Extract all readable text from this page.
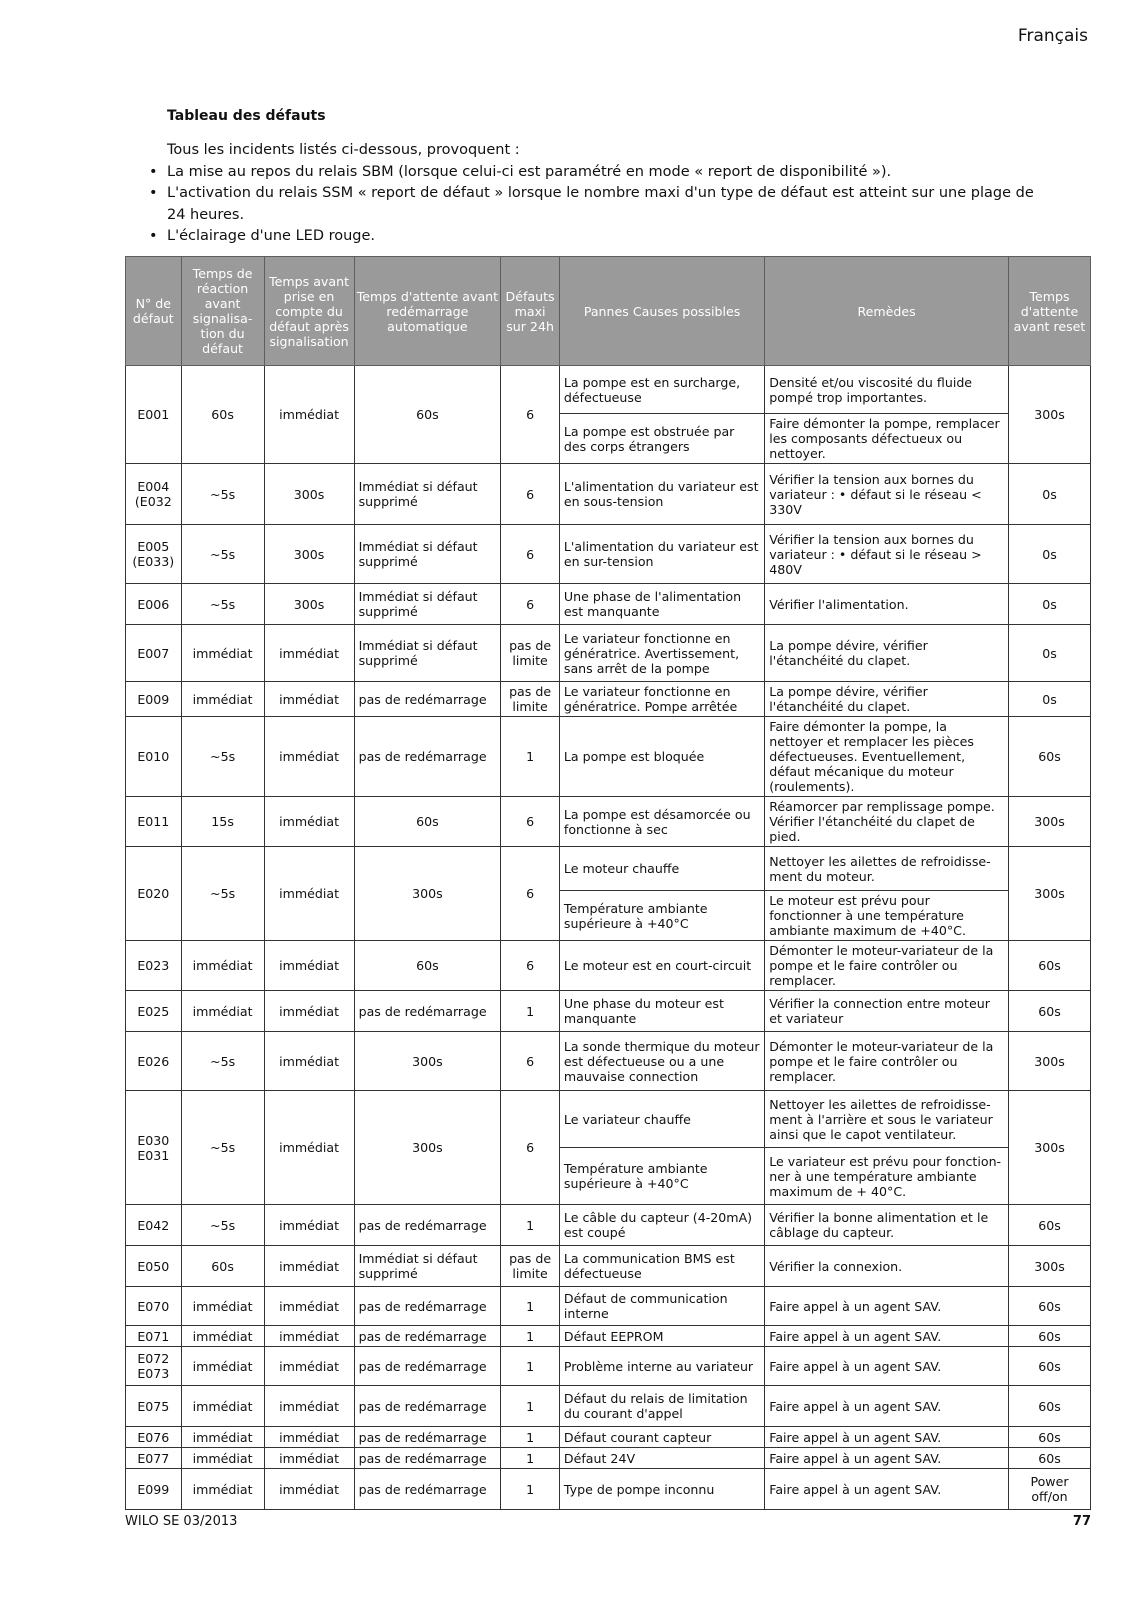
Français
Tableau des défauts
Tous les incidents listés ci-dessous, provoquent :
• La mise au repos du relais SBM (lorsque celui-ci est paramétré en mode « report de disponibilité »).
• L'activation du relais SSM « report de défaut » lorsque le nombre maxi d'un type de défaut est atteint sur une plage de 24 heures.
• L'éclairage d'une LED rouge.
N° de défaut	Temps de réaction avant signalisa-tion du défaut	Temps avant prise en compte du défaut après signalisation	Temps d'attente avant redémarrage automatique	Défauts maxi sur 24h	Pannes Causes possibles	Remèdes	Temps d'attente avant reset
E001	60s	immédiat	60s	6	La pompe est en surcharge, défectueuse	Densité et/ou viscosité du fluide pompé trop importantes.	300s
					La pompe est obstruée par des corps étrangers	Faire démonter la pompe, remplacer les composants défectueux ou nettoyer.	
E004 (E032	~5s	300s	Immédiat si défaut supprimé	6	L'alimentation du variateur est en sous-tension	Vérifier la tension aux bornes du variateur : • défaut si le réseau < 330V	0s
E005 (E033)	~5s	300s	Immédiat si défaut supprimé	6	L'alimentation du variateur est en sur-tension	Vérifier la tension aux bornes du variateur : • défaut si le réseau > 480V	0s
E006	~5s	300s	Immédiat si défaut supprimé	6	Une phase de l'alimentation est manquante	Vérifier l'alimentation.	0s
E007	immédiat	immédiat	Immédiat si défaut supprimé	pas de limite	Le variateur fonctionne en génératrice. Avertissement, sans arrêt de la pompe	La pompe dévire, vérifier l'étanchéité du clapet.	0s
E009	immédiat	immédiat	pas de redémarrage	pas de limite	Le variateur fonctionne en génératrice. Pompe arrêtée	La pompe dévire, vérifier l'étanchéité du clapet.	0s
E010	~5s	immédiat	pas de redémarrage	1	La pompe est bloquée	Faire démonter la pompe, la nettoyer et remplacer les pièces défectueuses. Eventuellement, défaut mécanique du moteur (roulements).	60s
E011	15s	immédiat	60s	6	La pompe est désamorcée ou fonctionne à sec	Réamorcer par remplissage pompe. Vérifier l'étanchéité du clapet de pied.	300s
E020	~5s	immédiat	300s	6	Le moteur chauffe	Nettoyer les ailettes de refroidisse-ment du moteur.	300s
					Température ambiante supérieure à +40°C	Le moteur est prévu pour fonctionner à une température ambiante maximum de +40°C.	
E023	immédiat	immédiat	60s	6	Le moteur est en court-circuit	Démonter le moteur-variateur de la pompe et le faire contrôler ou remplacer.	60s
E025	immédiat	immédiat	pas de redémarrage	1	Une phase du moteur est manquante	Vérifier la connection entre moteur et variateur	60s
E026	~5s	immédiat	300s	6	La sonde thermique du moteur est défectueuse ou a une mauvaise connection	Démonter le moteur-variateur de la pompe et le faire contrôler ou remplacer.	300s
E030 E031	~5s	immédiat	300s	6	Le variateur chauffe	Nettoyer les ailettes de refroidisse-ment à l'arrière et sous le variateur ainsi que le capot ventilateur.	300s
					Température ambiante supérieure à +40°C	Le variateur est prévu pour fonction-ner à une température ambiante maximum de + 40°C.	
E042	~5s	immédiat	pas de redémarrage	1	Le câble du capteur (4-20mA) est coupé	Vérifier la bonne alimentation et le câblage du capteur.	60s
E050	60s	immédiat	Immédiat si défaut supprimé	pas de limite	La communication BMS est défectueuse	Vérifier la connexion.	300s
E070	immédiat	immédiat	pas de redémarrage	1	Défaut de communication interne	Faire appel à un agent SAV.	60s
E071	immédiat	immédiat	pas de redémarrage	1	Défaut EEPROM	Faire appel à un agent SAV.	60s
E072 E073	immédiat	immédiat	pas de redémarrage	1	Problème interne au variateur	Faire appel à un agent SAV.	60s
E075	immédiat	immédiat	pas de redémarrage	1	Défaut du relais de limitation du courant d'appel	Faire appel à un agent SAV.	60s
E076	immédiat	immédiat	pas de redémarrage	1	Défaut courant capteur	Faire appel à un agent SAV.	60s
E077	immédiat	immédiat	pas de redémarrage	1	Défaut 24V	Faire appel à un agent SAV.	60s
E099	immédiat	immédiat	pas de redémarrage	1	Type de pompe inconnu	Faire appel à un agent SAV.	Power off/on
WILO SE 03/2013	77
